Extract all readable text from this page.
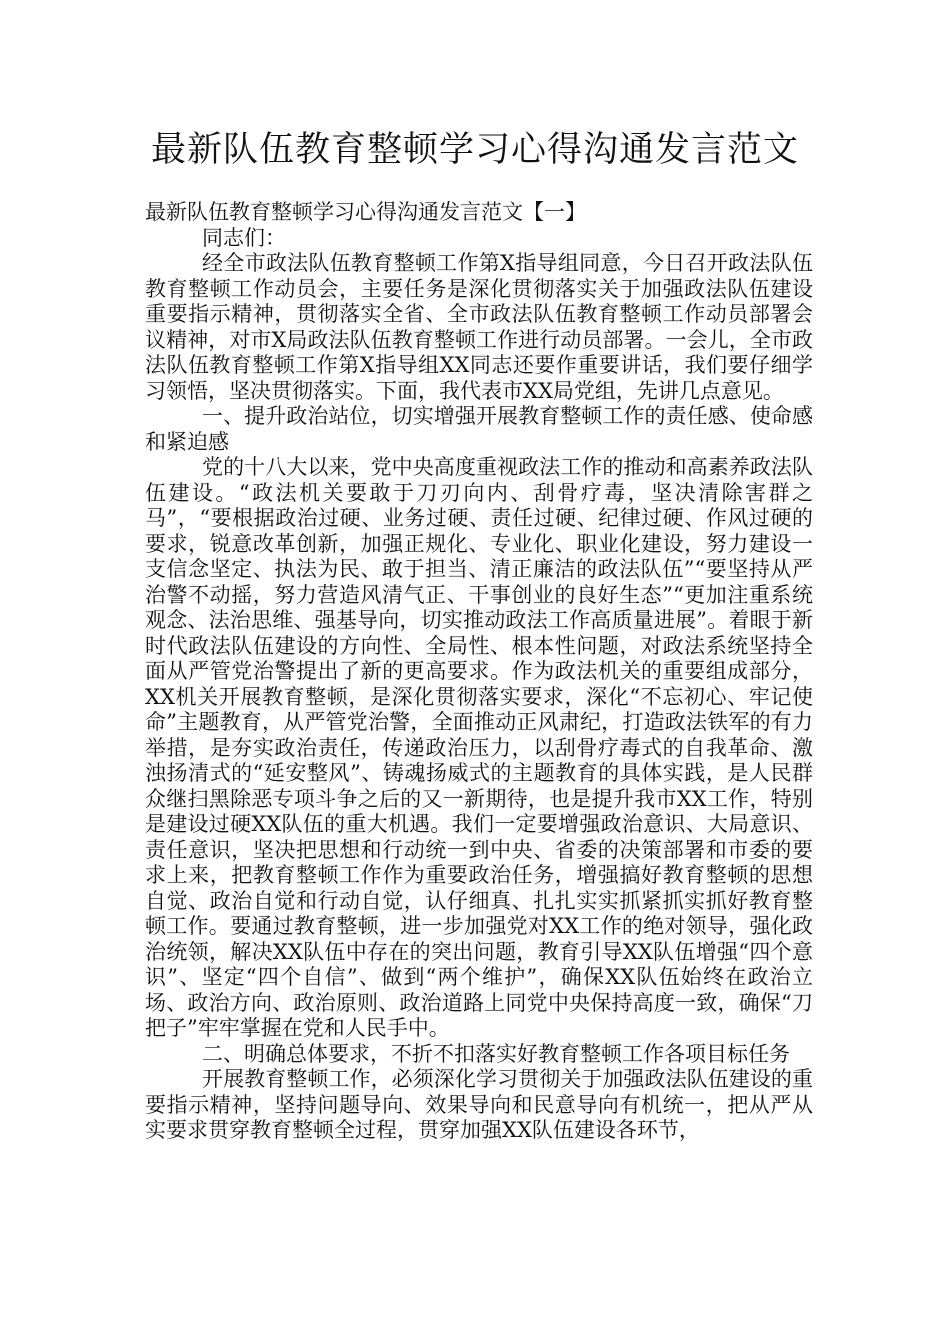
最新队伍教育整顿学习心得沟通发言范文

最新队伍教育整顿学习心得沟通发言范文【一】

同志们：

经全市政法队伍教育整顿工作第X指导组同意，今日召开政法队伍教育整顿工作动员会，主要任务是深化贯彻落实关于加强政法队伍建设重要指示精神，贯彻落实全省、全市政法队伍教育整顿工作动员部署会议精神，对市X局政法队伍教育整顿工作进行动员部署。一会儿，全市政法队伍教育整顿工作第X指导组XX同志还要作重要讲话，我们要仔细学习领悟，坚决贯彻落实。下面，我代表市XX局党组，先讲几点意见。

一、提升政治站位，切实增强开展教育整顿工作的责任感、使命感和紧迫感

党的十八大以来，党中央高度重视政法工作的推动和高素养政法队伍建设。“政法机关要敢于刀刃向内、刮骨疗毒，坚决清除害群之马”，“要根据政治过硬、业务过硬、责任过硬、纪律过硬、作风过硬的要求，锐意改革创新，加强正规化、专业化、职业化建设，努力建设一支信念坚定、执法为民、敢于担当、清正廉洁的政法队伍”“要坚持从严治警不动摇，努力营造风清气正、干事创业的良好生态”“更加注重系统观念、法治思维、强基导向，切实推动政法工作高质量进展”。着眼于新时代政法队伍建设的方向性、全局性、根本性问题，对政法系统坚持全面从严管党治警提出了新的更高要求。作为政法机关的重要组成部分，XX机关开展教育整顿，是深化贯彻落实要求，深化“不忘初心、牢记使命”主题教育，从严管党治警，全面推动正风肃纪，打造政法铁军的有力举措，是夯实政治责任，传递政治压力，以刮骨疗毒式的自我革命、激浊扬清式的“延安整风”、铸魂扬威式的主题教育的具体实践，是人民群众继扫黑除恶专项斗争之后的又一新期待，也是提升我市XX工作，特别是建设过硬XX队伍的重大机遇。我们一定要增强政治意识、大局意识、责任意识，坚决把思想和行动统一到中央、省委的决策部署和市委的要求上来，把教育整顿工作作为重要政治任务，增强搞好教育整顿的思想自觉、政治自觉和行动自觉，认仔细真、扎扎实实抓紧抓实抓好教育整顿工作。要通过教育整顿，进一步加强党对XX工作的绝对领导，强化政治统领，解决XX队伍中存在的突出问题，教育引导XX队伍增强“四个意识”、坚定“四个自信”、做到“两个维护”，确保XX队伍始终在政治立场、政治方向、政治原则、政治道路上同党中央保持高度一致，确保“刀把子”牢牢掌握在党和人民手中。

二、明确总体要求，不折不扣落实好教育整顿工作各项目标任务

开展教育整顿工作，必须深化学习贯彻关于加强政法队伍建设的重要指示精神，坚持问题导向、效果导向和民意导向有机统一，把从严从实要求贯穿教育整顿全过程，贯穿加强XX队伍建设各环节，
